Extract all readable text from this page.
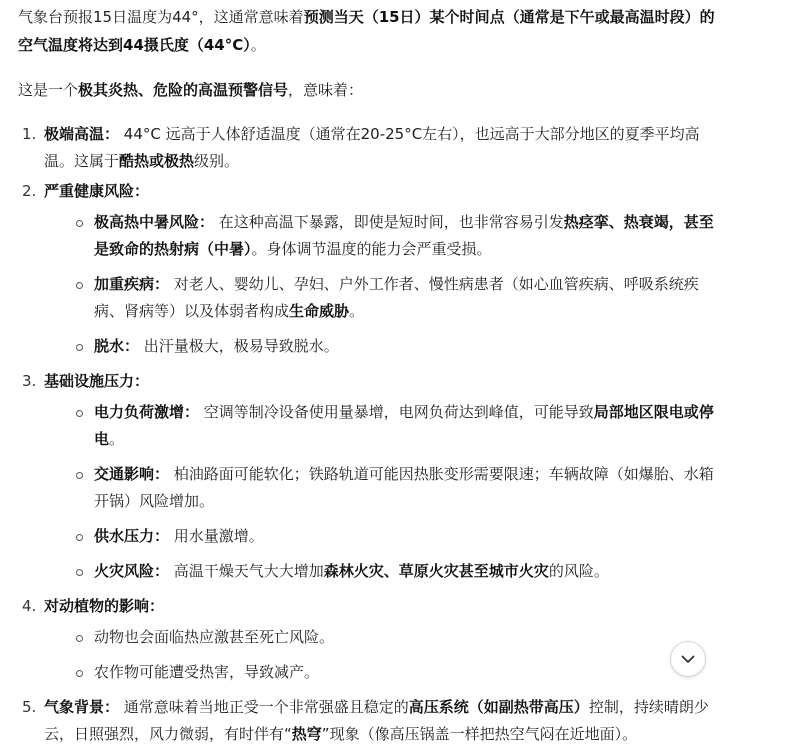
气象台预报15日温度为44°，这通常意味着预测当天（15日）某个时间点（通常是下午或最高温时段）的空气温度将达到44摄氏度（44°C）。

这是一个极其炎热、危险的高温预警信号，意味着：

1. 极端高温： 44°C 远高于人体舒适温度（通常在20-25°C左右），也远高于大部分地区的夏季平均高温。这属于酷热或极热级别。
2. 严重健康风险：
极高热中暑风险： 在这种高温下暴露，即使是短时间，也非常容易引发热痉挛、热衰竭，甚至是致命的热射病（中暑）。身体调节温度的能力会严重受损。
加重疾病： 对老人、婴幼儿、孕妇、户外工作者、慢性病患者（如心血管疾病、呼吸系统疾病、肾病等）以及体弱者构成生命威胁。
脱水： 出汗量极大，极易导致脱水。
3. 基础设施压力：
电力负荷激增： 空调等制冷设备使用量暴增，电网负荷达到峰值，可能导致局部地区限电或停电。
交通影响： 柏油路面可能软化；铁路轨道可能因热胀变形需要限速；车辆故障（如爆胎、水箱开锅）风险增加。
供水压力： 用水量激增。
火灾风险： 高温干燥天气大大增加森林火灾、草原火灾甚至城市火灾的风险。
4. 对动植物的影响：
动物也会面临热应激甚至死亡风险。
农作物可能遭受热害，导致减产。
5. 气象背景： 通常意味着当地正受一个非常强盛且稳定的高压系统（如副热带高压）控制，持续晴朗少云，日照强烈，风力微弱，有时伴有“热穹”现象（像高压锅盖一样把热空气闷在近地面）。
